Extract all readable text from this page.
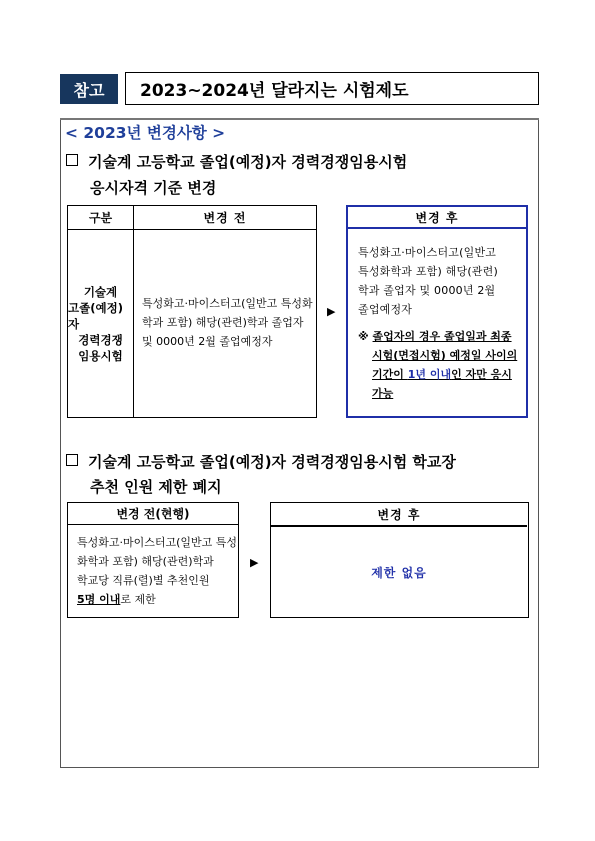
참고	2023~2024년 달라지는 시험제도
< 2023년 변경사항 >
기술계 고등학교 졸업(예정)자 경력경쟁임용시험
응시자격 기준 변경
구분	변경 전
기술계
고졸(예정)자
경력경쟁
임용시험
특성화고·마이스터고(일반고 특성화
학과 포함) 해당(관련)학과 졸업자
및 0000년 2월 졸업예정자
▶
변경 후
특성화고·마이스터고(일반고
특성화학과 포함) 해당(관련)
학과 졸업자 및 0000년 2월
졸업예정자
※ 졸업자의 경우 졸업일과 최종
시험(면접시험) 예정일 사이의
기간이 1년 이내인 자만 응시
가능
기술계 고등학교 졸업(예정)자 경력경쟁임용시험 학교장
추천 인원 제한 폐지
변경 전(현행)
특성화고·마이스터고(일반고 특성
화학과 포함) 해당(관련)학과
학교당 직류(렬)별 추천인원
5명 이내로 제한
▶
변경 후
제한 없음
